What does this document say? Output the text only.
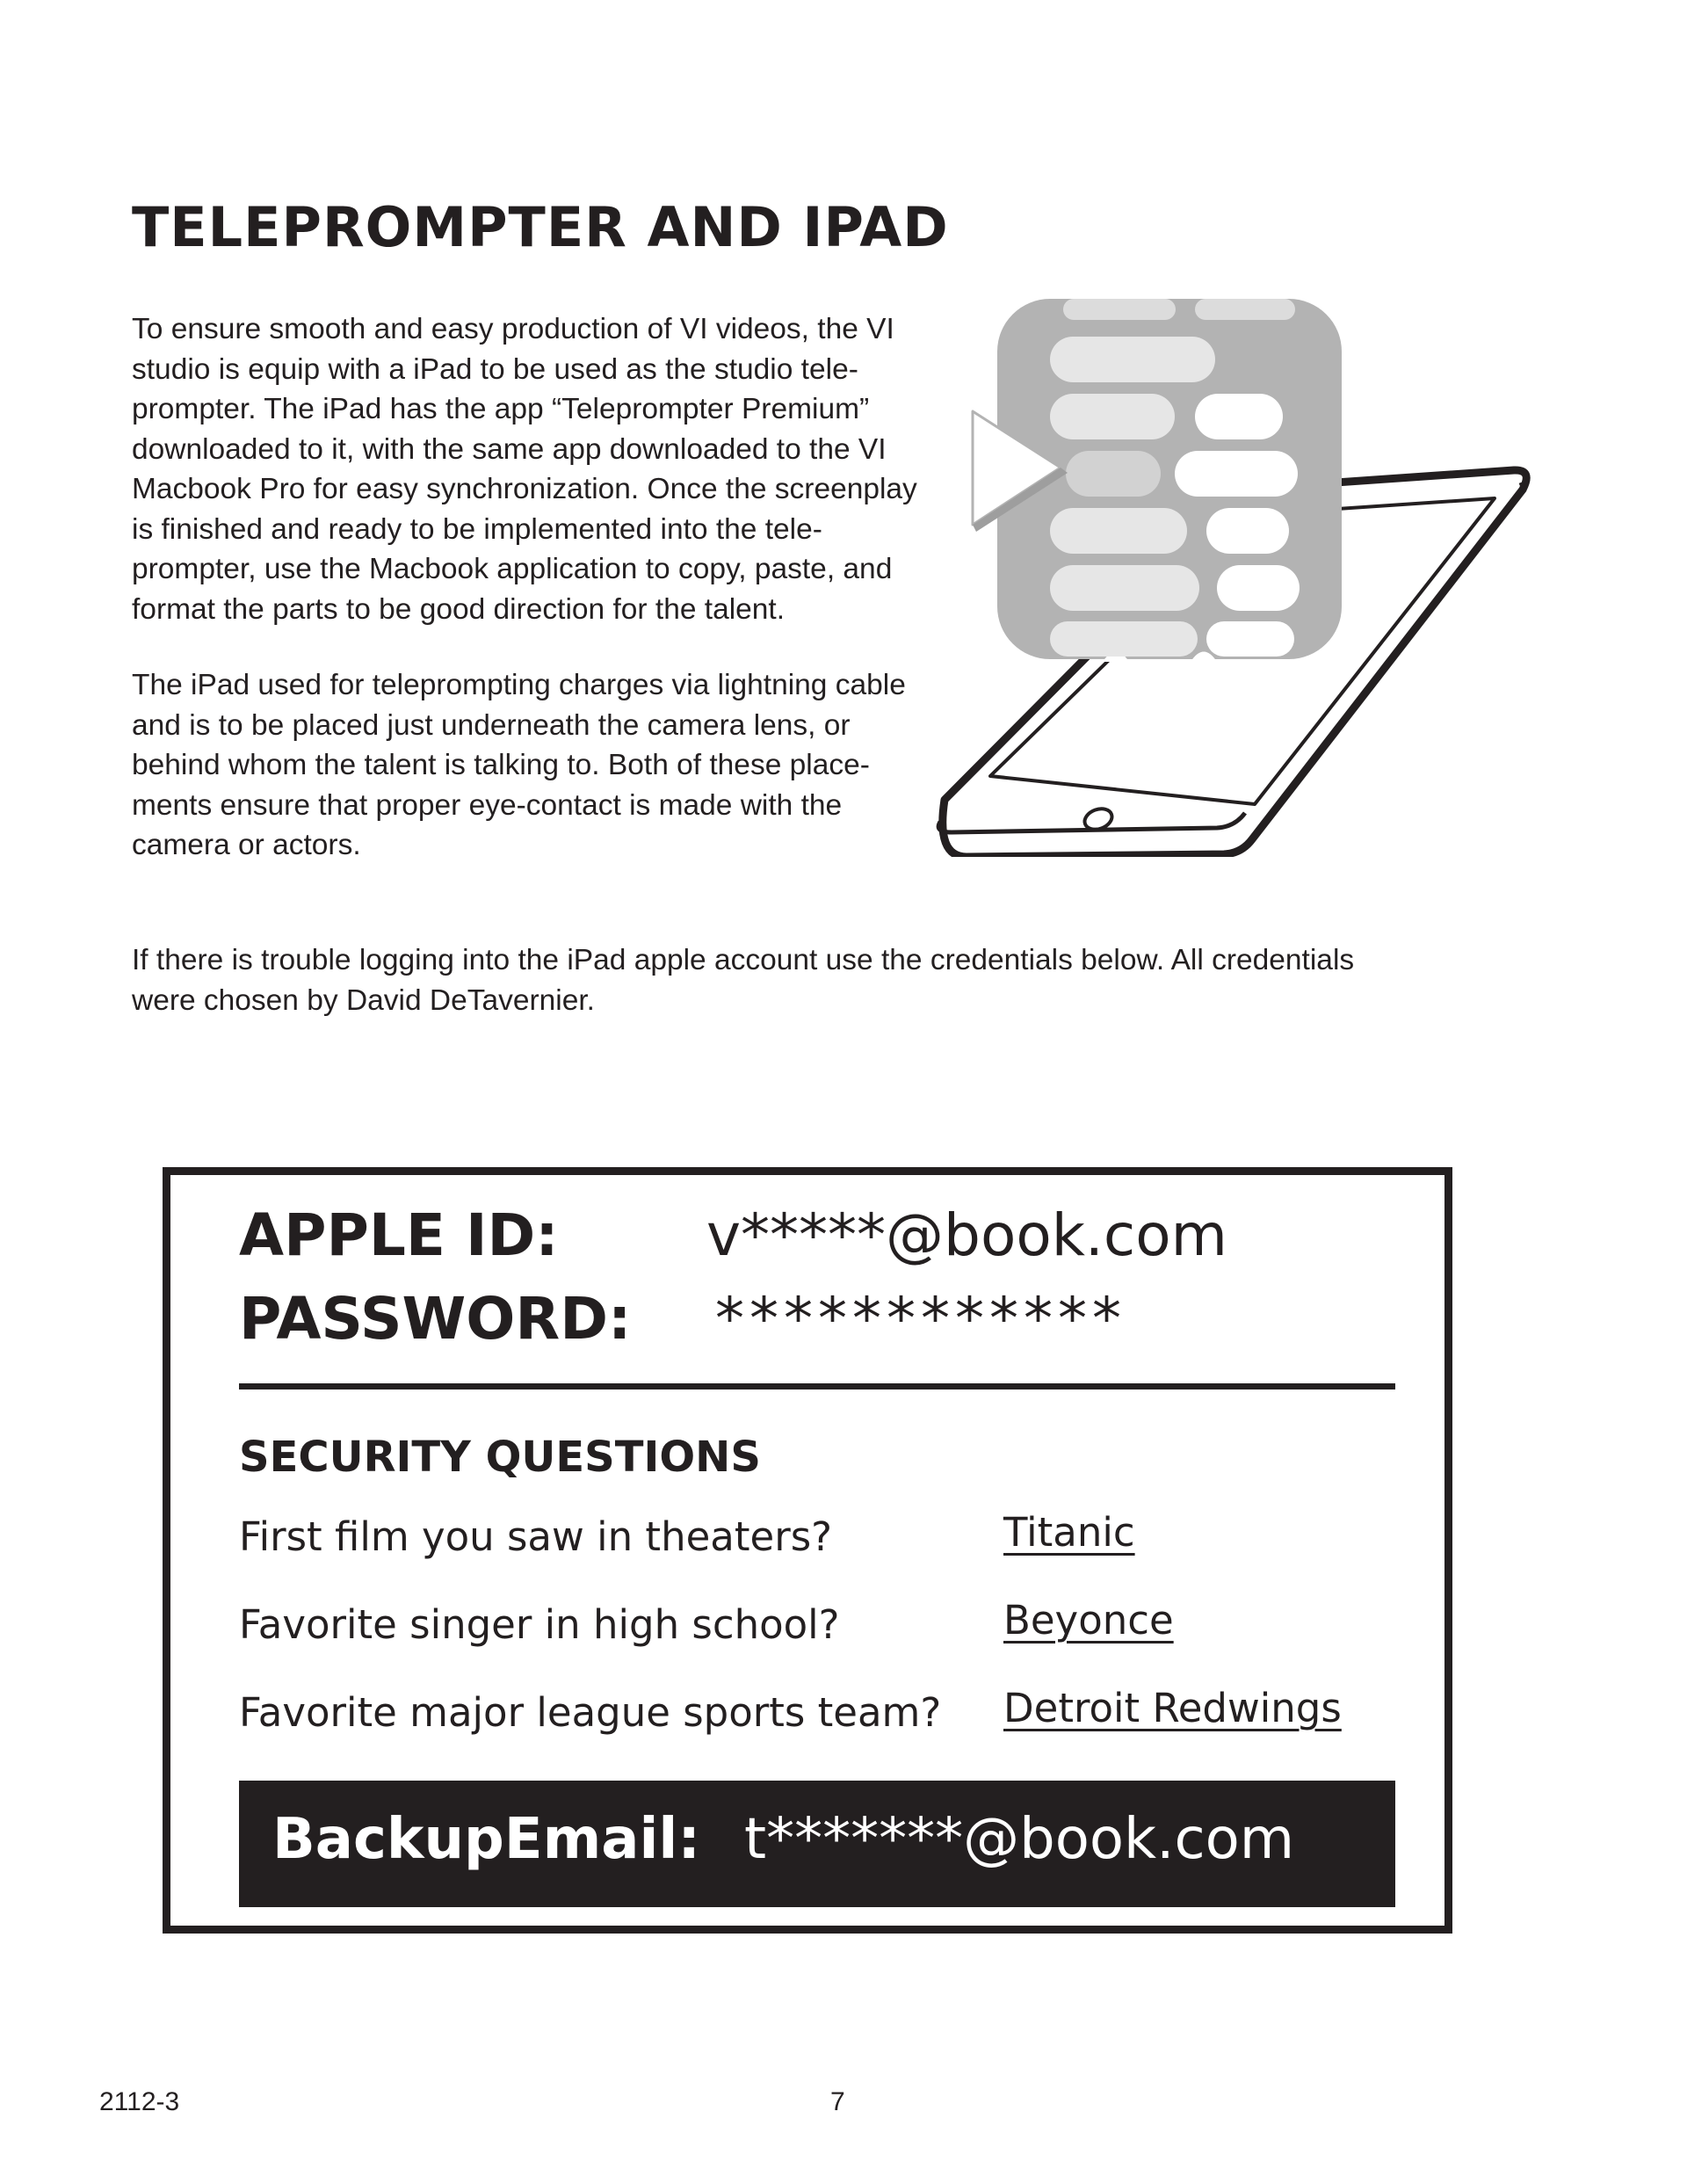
TELEPROMPTER AND IPAD
To ensure smooth and easy production of VI videos, the VI
studio is equip with a iPad to be used as the studio tele-
prompter. The iPad has the app “Teleprompter Premium”
downloaded to it, with the same app downloaded to the VI
Macbook Pro for easy synchronization. Once the screenplay
is finished and ready to be implemented into the tele-
prompter, use the Macbook application to copy, paste, and
format the parts to be good direction for the talent.
The iPad used for teleprompting charges via lightning cable
and is to be placed just underneath the camera lens, or
behind whom the talent is talking to. Both of these place-
ments ensure that proper eye-contact is made with the
camera or actors.
If there is trouble logging into the iPad apple account use the credentials below. All credentials
were chosen by David DeTavernier.
APPLE ID:	v*****@book.com
PASSWORD: ************
SECURITY QUESTIONS
First film you saw in theaters?	Titanic
Favorite singer in high school?	Beyonce
Favorite major league sports team? Detroit Redwings
BackupEmail: t*******@book.com
2112-3	7
